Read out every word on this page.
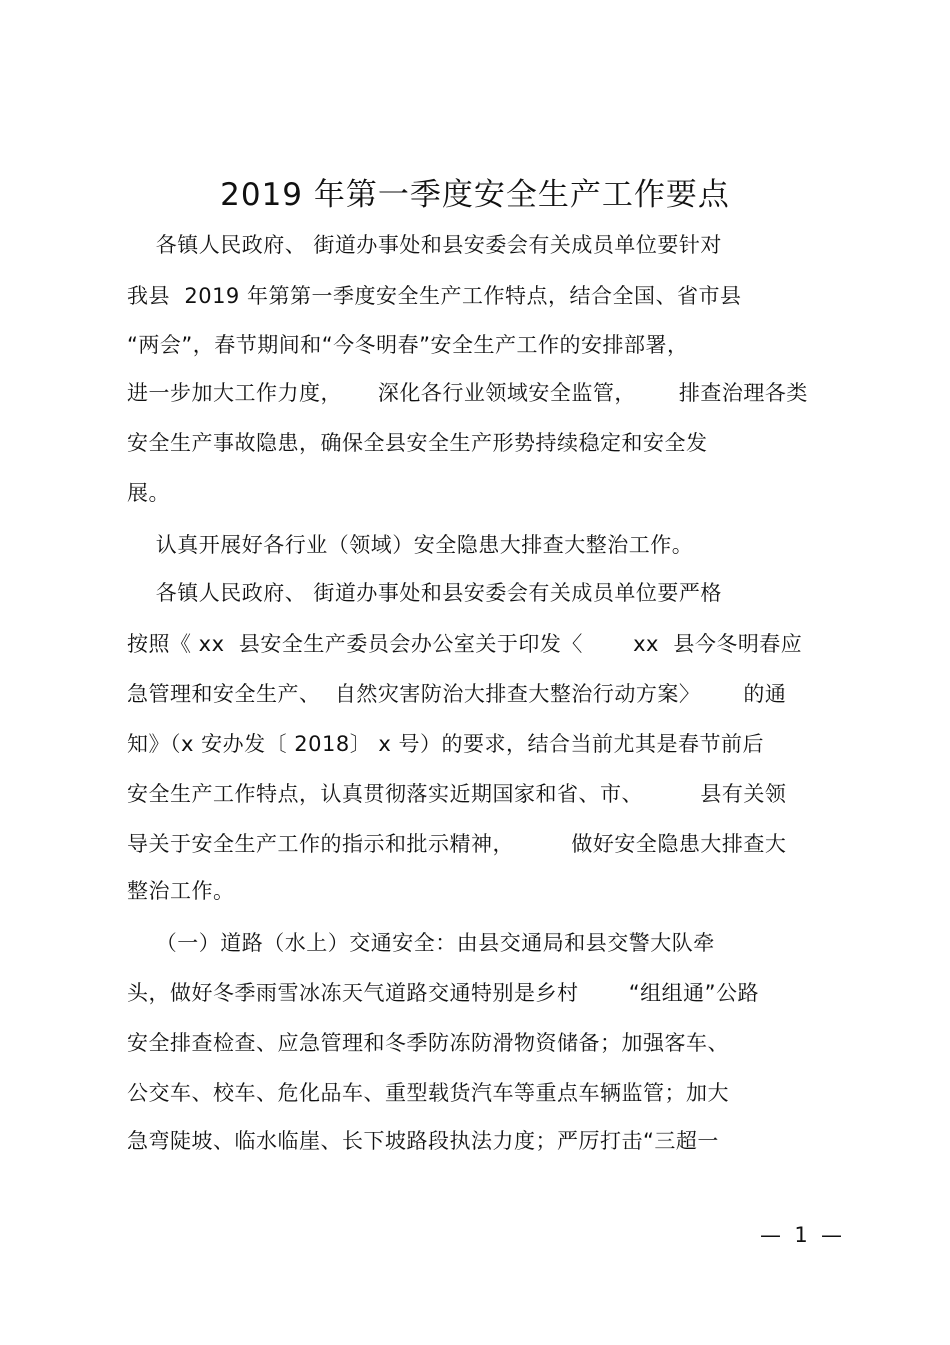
2019 年第一季度安全生产工作要点
各镇人民政府、 街道办事处和县安委会有关成员单位要针对
我县  2019 年第第一季度安全生产工作特点，结合全国、省市县
“两会”，春节期间和“今冬明春”安全生产工作的安排部署，
进一步加大工作力度，     深化各行业领域安全监管，      排查治理各类
安全生产事故隐患，确保全县安全生产形势持续稳定和安全发
展。
认真开展好各行业（领域）安全隐患大排查大整治工作。
各镇人民政府、 街道办事处和县安委会有关成员单位要严格
按照《 xx  县安全生产委员会办公室关于印发〈       xx  县今冬明春应
急管理和安全生产、  自然灾害防治大排查大整治行动方案〉      的通
知》（x 安办发〔 2018〕 x 号）的要求，结合当前尤其是春节前后
安全生产工作特点，认真贯彻落实近期国家和省、市、        县有关领
导关于安全生产工作的指示和批示精神，        做好安全隐患大排查大
整治工作。
（一）道路（水上）交通安全：由县交通局和县交警大队牵
头，做好冬季雨雪冰冻天气道路交通特别是乡村       “组组通”公路
安全排查检查、应急管理和冬季防冻防滑物资储备；加强客车、
公交车、校车、危化品车、重型载货汽车等重点车辆监管；加大
急弯陡坡、临水临崖、长下坡路段执法力度；严厉打击“三超一
—  1  —
